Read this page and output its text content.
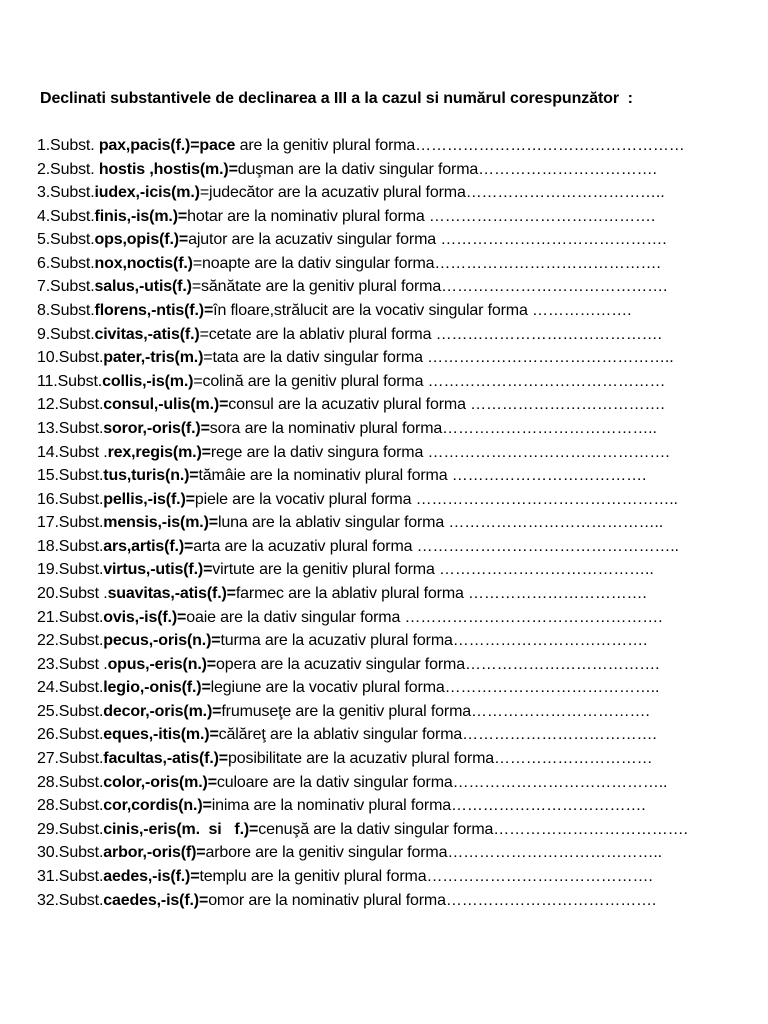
Declinati substantivele de declinarea a III a la cazul si numărul corespunzător  :
1.Subst. pax,pacis(f.)=pace are la genitiv plural forma……………………………………………
2.Subst. hostis ,hostis(m.)=duşman are la dativ singular forma…………………………….
3.Subst.iudex,-icis(m.)=judecător are la acuzativ plural forma………………………………..
4.Subst.finis,-is(m.)=hotar are la nominativ plural forma …………………………………….
5.Subst.ops,opis(f.)=ajutor are la acuzativ singular forma …………………………………….
6.Subst.nox,noctis(f.)=noapte are la dativ singular forma…………………………………….
7.Subst.salus,-utis(f.)=sănătate are la genitiv plural forma…………………………………….
8.Subst.florens,-ntis(f.)=în floare,strălucit are la vocativ singular forma ……………….
9.Subst.civitas,-atis(f.)=cetate are la ablativ plural forma …………………………………….
10.Subst.pater,-tris(m.)=tata are la dativ singular forma ………………………………………..
11.Subst.collis,-is(m.)=colină are la genitiv plural forma ………………………………………
12.Subst.consul,-ulis(m.)=consul are la acuzativ plural forma ……………………………….
13.Subst.soror,-oris(f.)=sora are la nominativ plural forma…………………………………..
14.Subst .rex,regis(m.)=rege are la dativ singura forma ……………………………………….
15.Subst.tus,turis(n.)=tămâie are la nominativ plural forma ……………………………….
16.Subst.pellis,-is(f.)=piele are la vocativ plural forma …………………………………………..
17.Subst.mensis,-is(m.)=luna are la ablativ singular forma …………………………………..
18.Subst.ars,artis(f.)=arta are la acuzativ plural forma …………………………………………..
19.Subst.virtus,-utis(f.)=virtute are la genitiv plural forma …………………………………..
20.Subst .suavitas,-atis(f.)=farmec are la ablativ plural forma …………………………….
21.Subst.ovis,-is(f.)=oaie are la dativ singular forma ………………………………………….
22.Subst.pecus,-oris(n.)=turma are la acuzativ plural forma……………………………….
23.Subst .opus,-eris(n.)=opera are la acuzativ singular forma……………………………….
24.Subst.legio,-onis(f.)=legiune are la vocativ plural forma…………………………………..
25.Subst.decor,-oris(m.)=frumuseţe are la genitiv plural forma…………………………….
26.Subst.eques,-itis(m.)=călăreţ are la ablativ singular forma……………………………….
27.Subst.facultas,-atis(f.)=posibilitate are la acuzativ plural forma…………………………
28.Subst.color,-oris(m.)=culoare are la dativ singular forma…………………………………..
28.Subst.cor,cordis(n.)=inima are la nominativ plural forma……………………………….
29.Subst.cinis,-eris(m.  si   f.)=cenuşă are la dativ singular forma……………………………….
30.Subst.arbor,-oris(f)=arbore are la genitiv singular forma…………………………………..
31.Subst.aedes,-is(f.)=templu are la genitiv plural forma…………………………………….
32.Subst.caedes,-is(f.)=omor are la nominativ plural forma………………………………….
